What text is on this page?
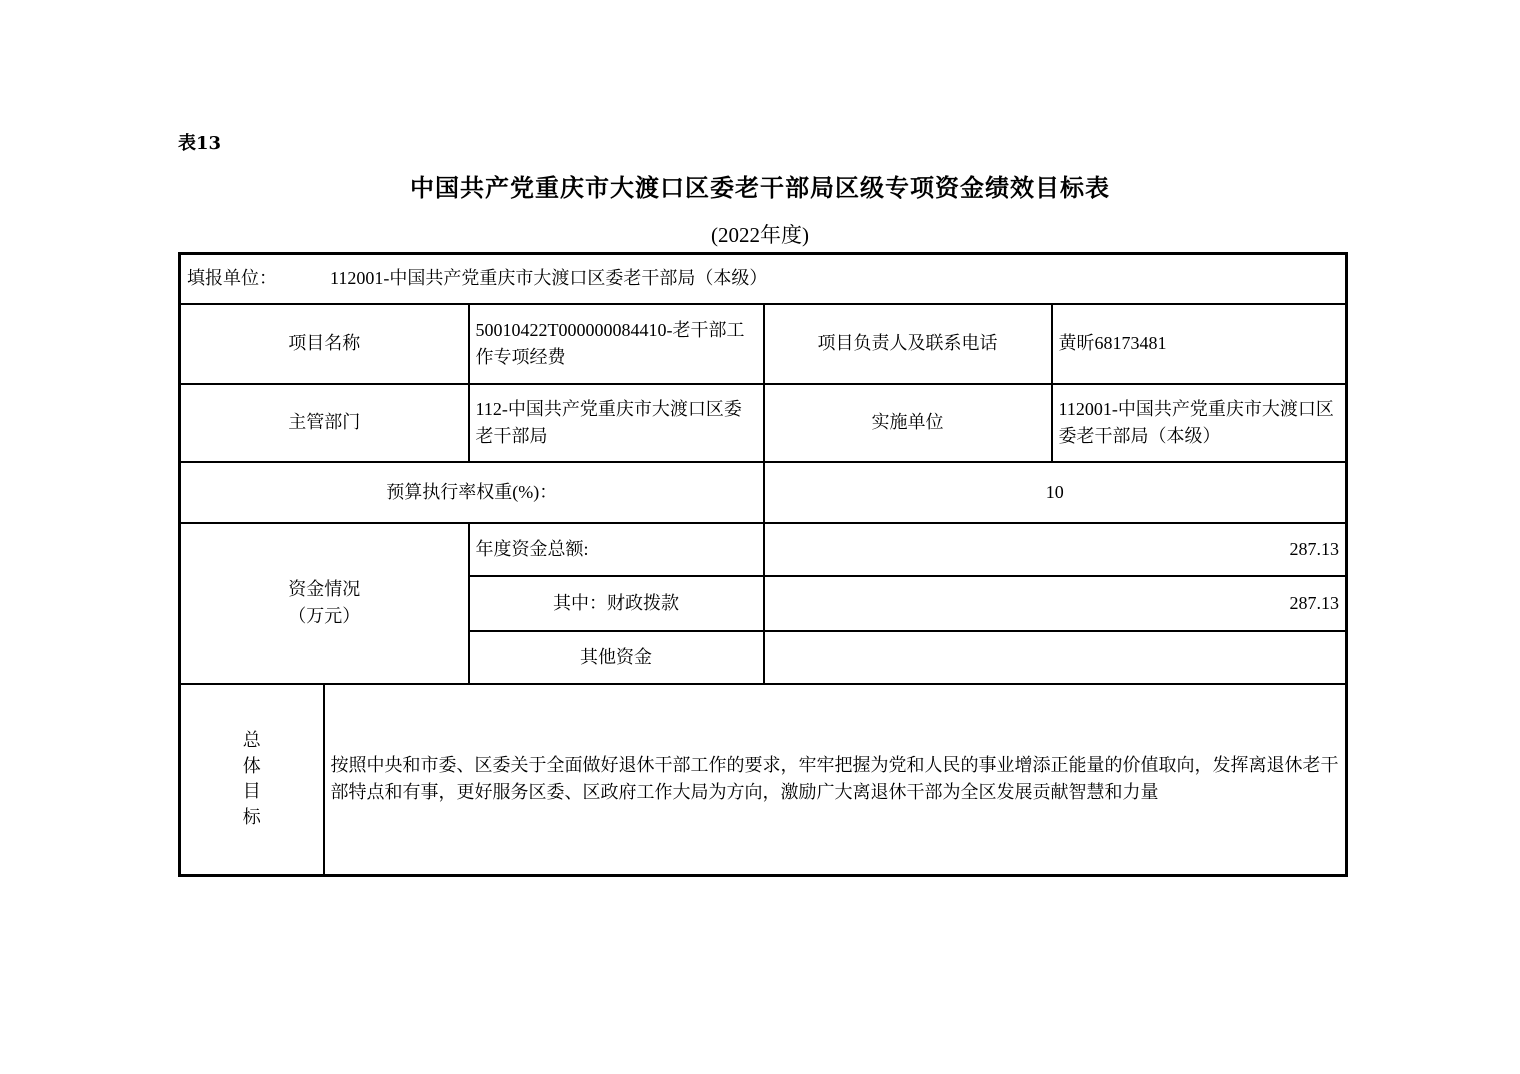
表13
中国共产党重庆市大渡口区委老干部局区级专项资金绩效目标表
(2022年度)
填报单位： 112001-中国共产党重庆市大渡口区委老干部局（本级）				
项目名称		50010422T000000084410-老干部工作专项经费	项目负责人及联系电话	黄昕68173481
主管部门		112-中国共产党重庆市大渡口区委老干部局	实施单位	112001-中国共产党重庆市大渡口区委老干部局（本级）
预算执行率权重(%)：			10	

资金情况
（万元）		年度资金总额:	287.13	
		其中：财政拨款	287.13	
		其他资金		

总体目标	按照中央和市委、区委关于全面做好退休干部工作的要求，牢牢把握为党和人民的事业增添正能量的价值取向，发挥离退休老干部特点和有事，更好服务区委、区政府工作大局为方向，激励广大离退休干部为全区发展贡献智慧和力量			
